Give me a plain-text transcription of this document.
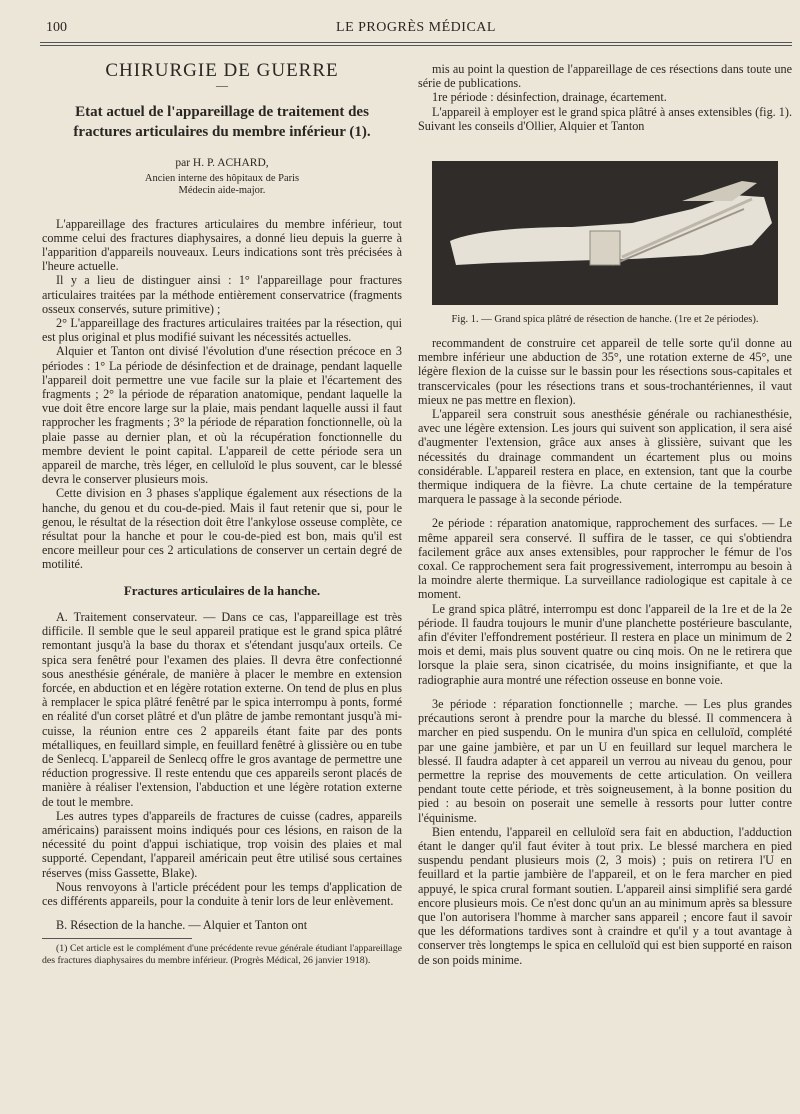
100	LE PROGRÈS MÉDICAL
CHIRURGIE DE GUERRE
—
Etat actuel de l'appareillage de traitement des
fractures articulaires du membre inférieur (1).
par H. P. ACHARD,
Ancien interne des hôpitaux de Paris
Médecin aide-major.

L'appareillage des fractures articulaires du membre inférieur, tout comme celui des fractures diaphysaires, a donné lieu depuis la guerre à l'apparition d'appareils nouveaux. Leurs indications sont très précisées à l'heure actuelle.

Il y a lieu de distinguer ainsi : 1° l'appareillage pour fractures articulaires traitées par la méthode entièrement conservatrice (fragments osseux conservés, suture primitive) ;

2° L'appareillage des fractures articulaires traitées par la résection, qui est plus original et plus modifié suivant les nécessités actuelles.

Alquier et Tanton ont divisé l'évolution d'une résection précoce en 3 périodes : 1° La période de désinfection et de drainage, pendant laquelle l'appareil doit permettre une vue facile sur la plaie et l'écartement des fragments ; 2° la période de réparation anatomique, pendant laquelle la vue doit être encore large sur la plaie, mais pendant laquelle aussi il faut rapprocher les fragments ; 3° la période de réparation fonctionnelle, où la plaie passe au dernier plan, et où la récupération fonctionnelle du membre devient le point capital. L'appareil de cette période sera un appareil de marche, très léger, en celluloïd le plus souvent, car le blessé devra le conserver plusieurs mois.

Cette division en 3 phases s'applique également aux résections de la hanche, du genou et du cou-de-pied. Mais il faut retenir que si, pour le genou, le résultat de la résection doit être l'ankylose osseuse complète, ce résultat pour la hanche et pour le cou-de-pied est bon, mais qu'il est encore meilleur pour ces 2 articulations de conserver un certain degré de motilité.

Fractures articulaires de la hanche.

A. Traitement conservateur. — Dans ce cas, l'appareillage est très difficile. Il semble que le seul appareil pratique est le grand spica plâtré remontant jusqu'à la base du thorax et s'étendant jusqu'aux orteils. Ce spica sera fenêtré pour l'examen des plaies. Il devra être confectionné sous anesthésie générale, de manière à placer le membre en extension forcée, en abduction et en légère rotation externe. On tend de plus en plus à remplacer le spica plâtré fenêtré par le spica interrompu à ponts, formé en réalité d'un corset plâtré et d'un plâtre de jambe remontant jusqu'à mi-cuisse, la réunion entre ces 2 appareils étant faite par des ponts métalliques, en feuillard simple, en feuillard fenêtré à glissière ou en tube de Senlecq. L'appareil de Senlecq offre le gros avantage de permettre une réduction progressive. Il reste entendu que ces appareils seront placés de manière à réaliser l'extension, l'abduction et une légère rotation externe de tout le membre.

Les autres types d'appareils de fractures de cuisse (cadres, appareils américains) paraissent moins indiqués pour ces lésions, en raison de la nécessité du point d'appui ischiatique, trop voisin des plaies et mal supporté. Cependant, l'appareil américain peut être utilisé sous certaines réserves (miss Gassette, Blake).

Nous renvoyons à l'article précédent pour les temps d'application de ces différents appareils, pour la conduite à tenir lors de leur enlèvement.

B. Résection de la hanche. — Alquier et Tanton ont

(1) Cet article est le complément d'une précédente revue générale étudiant l'appareillage des fractures diaphysaires du membre inférieur. (Progrès Médical, 26 janvier 1918).

mis au point la question de l'appareillage de ces résections dans toute une série de publications.

1re période : désinfection, drainage, écartement.

L'appareil à employer est le grand spica plâtré à anses extensibles (fig. 1). Suivant les conseils d'Ollier, Alquier et Tanton

Fig. 1. — Grand spica plâtré de résection de hanche. (1re et 2e périodes).

recommandent de construire cet appareil de telle sorte qu'il donne au membre inférieur une abduction de 35°, une rotation externe de 45°, une légère flexion de la cuisse sur le bassin pour les résections sous-capitales et transcervicales (pour les résections trans et sous-trochantériennes, il vaut mieux ne pas mettre en flexion).

L'appareil sera construit sous anesthésie générale ou rachianesthésie, avec une légère extension. Les jours qui suivent son application, il sera aisé d'augmenter l'extension, grâce aux anses à glissière, suivant que les nécessités du drainage commandent un écartement plus ou moins considérable. L'appareil restera en place, en extension, tant que la courbe thermique indiquera de la fièvre. La chute certaine de la température marquera le passage à la seconde période.

2e période : réparation anatomique, rapprochement des surfaces. — Le même appareil sera conservé. Il suffira de le tasser, ce qui s'obtiendra facilement grâce aux anses extensibles, pour rapprocher le fémur de l'os coxal. Ce rapprochement sera fait progressivement, interrompu au besoin à la moindre alerte thermique. La surveillance radiologique est capitale à ce moment.

Le grand spica plâtré, interrompu est donc l'appareil de la 1re et de la 2e période. Il faudra toujours le munir d'une planchette postérieure basculante, afin d'éviter l'effondrement postérieur. Il restera en place un minimum de 2 mois et demi, mais plus souvent quatre ou cinq mois. On ne le retirera que lorsque la plaie sera, sinon cicatrisée, du moins insignifiante, et que la radiographie aura montré une réfection osseuse en bonne voie.

3e période : réparation fonctionnelle ; marche. — Les plus grandes précautions seront à prendre pour la marche du blessé. Il commencera à marcher en pied suspendu. On le munira d'un spica en celluloïd, complété par une gaine jambière, et par un U en feuillard sur lequel marchera le blessé. Il faudra adapter à cet appareil un verrou au niveau du genou, pour permettre la reprise des mouvements de cette articulation. On veillera pendant toute cette période, et très soigneusement, à la bonne position du pied : au besoin on poserait une semelle à ressorts pour lutter contre l'équinisme.

Bien entendu, l'appareil en celluloïd sera fait en abduction, l'adduction étant le danger qu'il faut éviter à tout prix. Le blessé marchera en pied suspendu pendant plusieurs mois (2, 3 mois) ; puis on retirera l'U en feuillard et la partie jambière de l'appareil, et on le fera marcher en pied appuyé, le spica crural formant soutien. L'appareil ainsi simplifié sera gardé encore plusieurs mois. Ce n'est donc qu'un an au minimum après sa blessure que l'on autorisera l'homme à marcher sans appareil ; encore faut il savoir que les déformations tardives sont à craindre et qu'il y a tout avantage à conserver très longtemps le spica en celluloïd qui est bien supporté en raison de son poids minime.
